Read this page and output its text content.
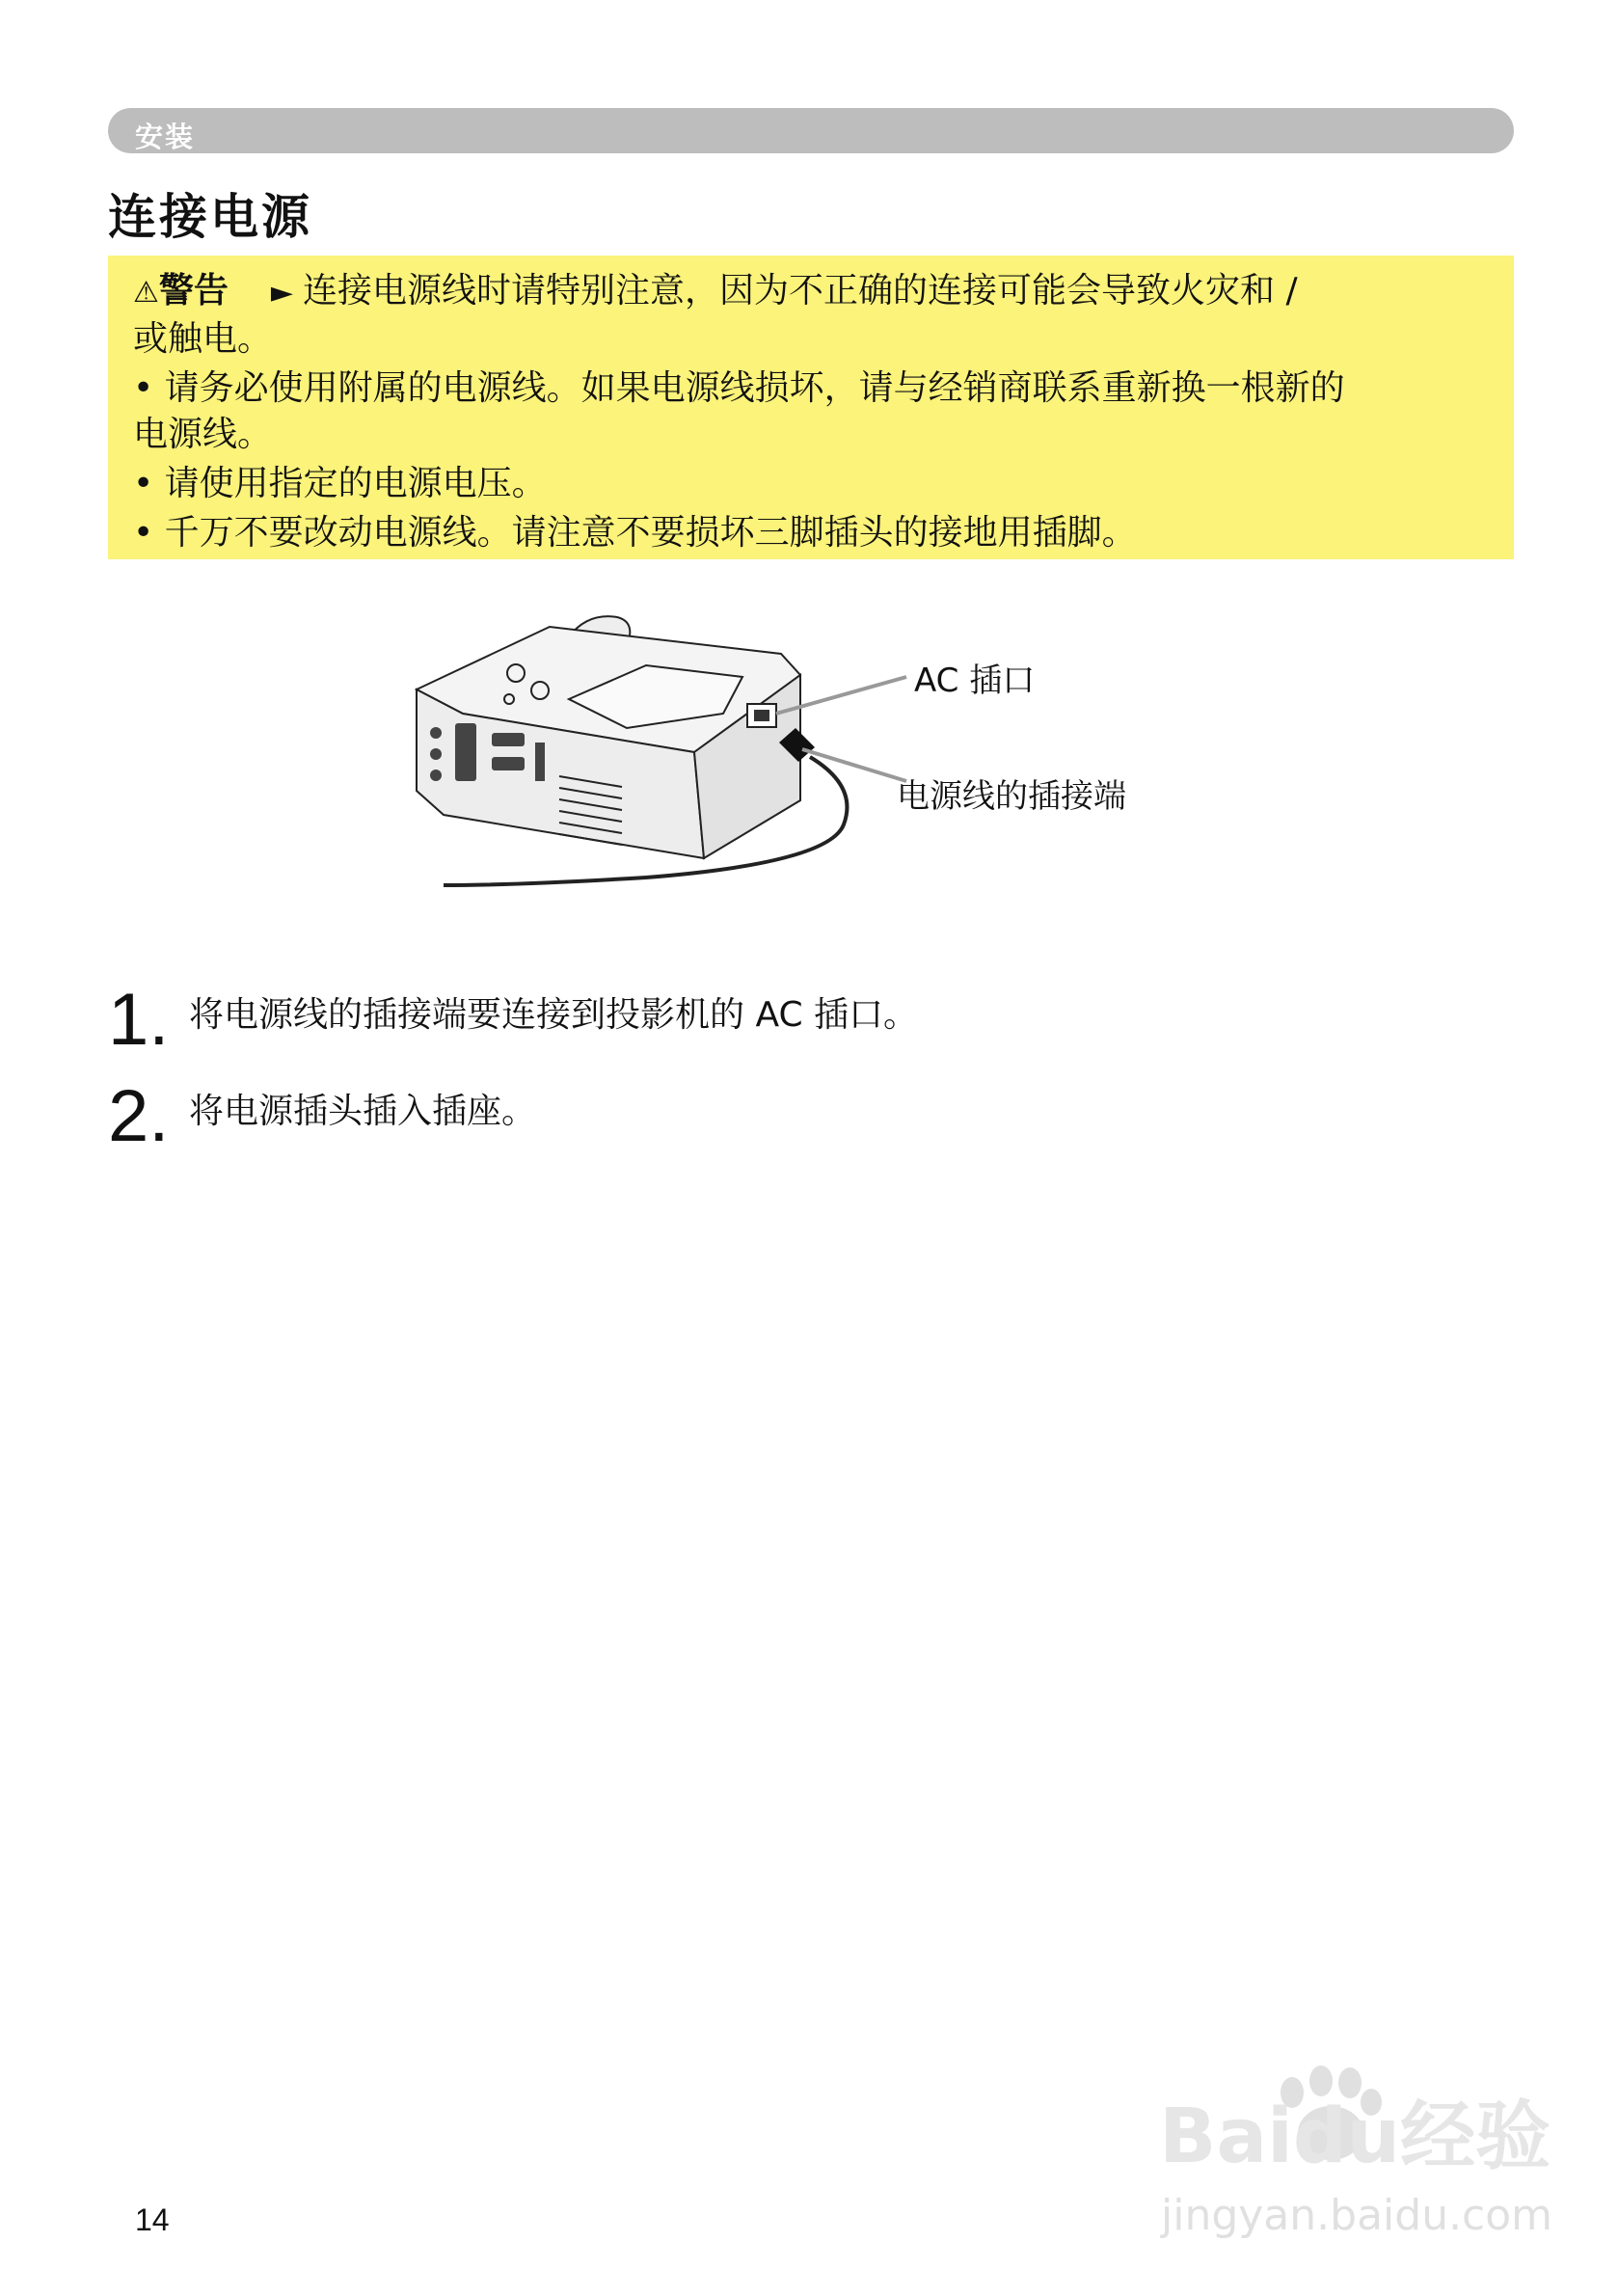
安装
连接电源

⚠警告 ► 连接电源线时请特别注意，因为不正确的连接可能会导致火灾和 /

或触电。

• 请务必使用附属的电源线。如果电源线损坏，请与经销商联系重新换一根新的

电源线。

• 请使用指定的电源电压。

• 千万不要改动电源线。请注意不要损坏三脚插头的接地用插脚。

AC 插口
电源线的插接端
1. 将电源线的插接端要连接到投影机的 AC 插口。
2. 将电源插头插入插座。
14
Baidu经验
jingyan.baidu.com
